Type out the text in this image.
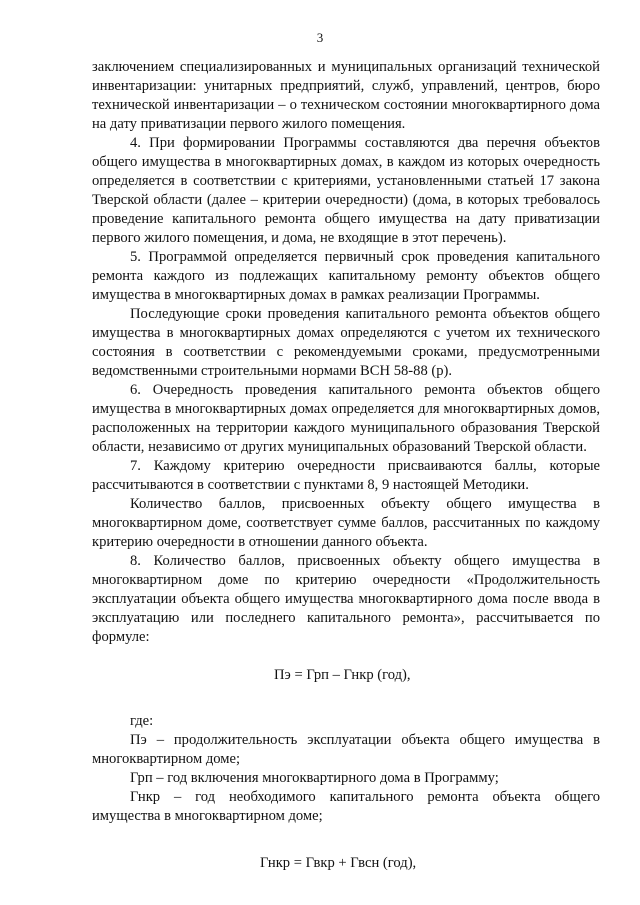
3

заключением специализированных и муниципальных организаций технической инвентаризации: унитарных предприятий, служб, управлений, центров, бюро технической инвентаризации – о техническом состоянии многоквартирного дома на дату приватизации первого жилого помещения.

4. При формировании Программы составляются два перечня объектов общего имущества в многоквартирных домах, в каждом из которых очередность определяется в соответствии с критериями, установленными статьей 17 закона Тверской области (далее – критерии очередности) (дома, в которых требовалось проведение капитального ремонта общего имущества на дату приватизации первого жилого помещения, и дома, не входящие в этот перечень).

5. Программой определяется первичный срок проведения капитального ремонта каждого из подлежащих капитальному ремонту объектов общего имущества в многоквартирных домах в рамках реализации Программы.

Последующие сроки проведения капитального ремонта объектов общего имущества в многоквартирных домах определяются с учетом их технического состояния в соответствии с рекомендуемыми сроками, предусмотренными ведомственными строительными нормами ВСН 58-88 (р).

6. Очередность проведения капитального ремонта объектов общего имущества в многоквартирных домах определяется для многоквартирных домов, расположенных на территории каждого муниципального образования Тверской области, независимо от других муниципальных образований Тверской области.

7. Каждому критерию очередности присваиваются баллы, которые рассчитываются в соответствии с пунктами 8, 9 настоящей Методики.

Количество баллов, присвоенных объекту общего имущества в многоквартирном доме, соответствует сумме баллов, рассчитанных по каждому критерию очередности в отношении данного объекта.

8. Количество баллов, присвоенных объекту общего имущества в многоквартирном доме по критерию очередности «Продолжительность эксплуатации объекта общего имущества многоквартирного дома после ввода в эксплуатацию или последнего капитального ремонта», рассчитывается по формуле:

Пэ = Грп – Гнкр (год),

где:

Пэ – продолжительность эксплуатации объекта общего имущества в многоквартирном доме;

Грп – год включения многоквартирного дома в Программу;

Гнкр – год необходимого капитального ремонта объекта общего имущества в многоквартирном доме;

Гнкр = Гвкр + Гвсн (год),
